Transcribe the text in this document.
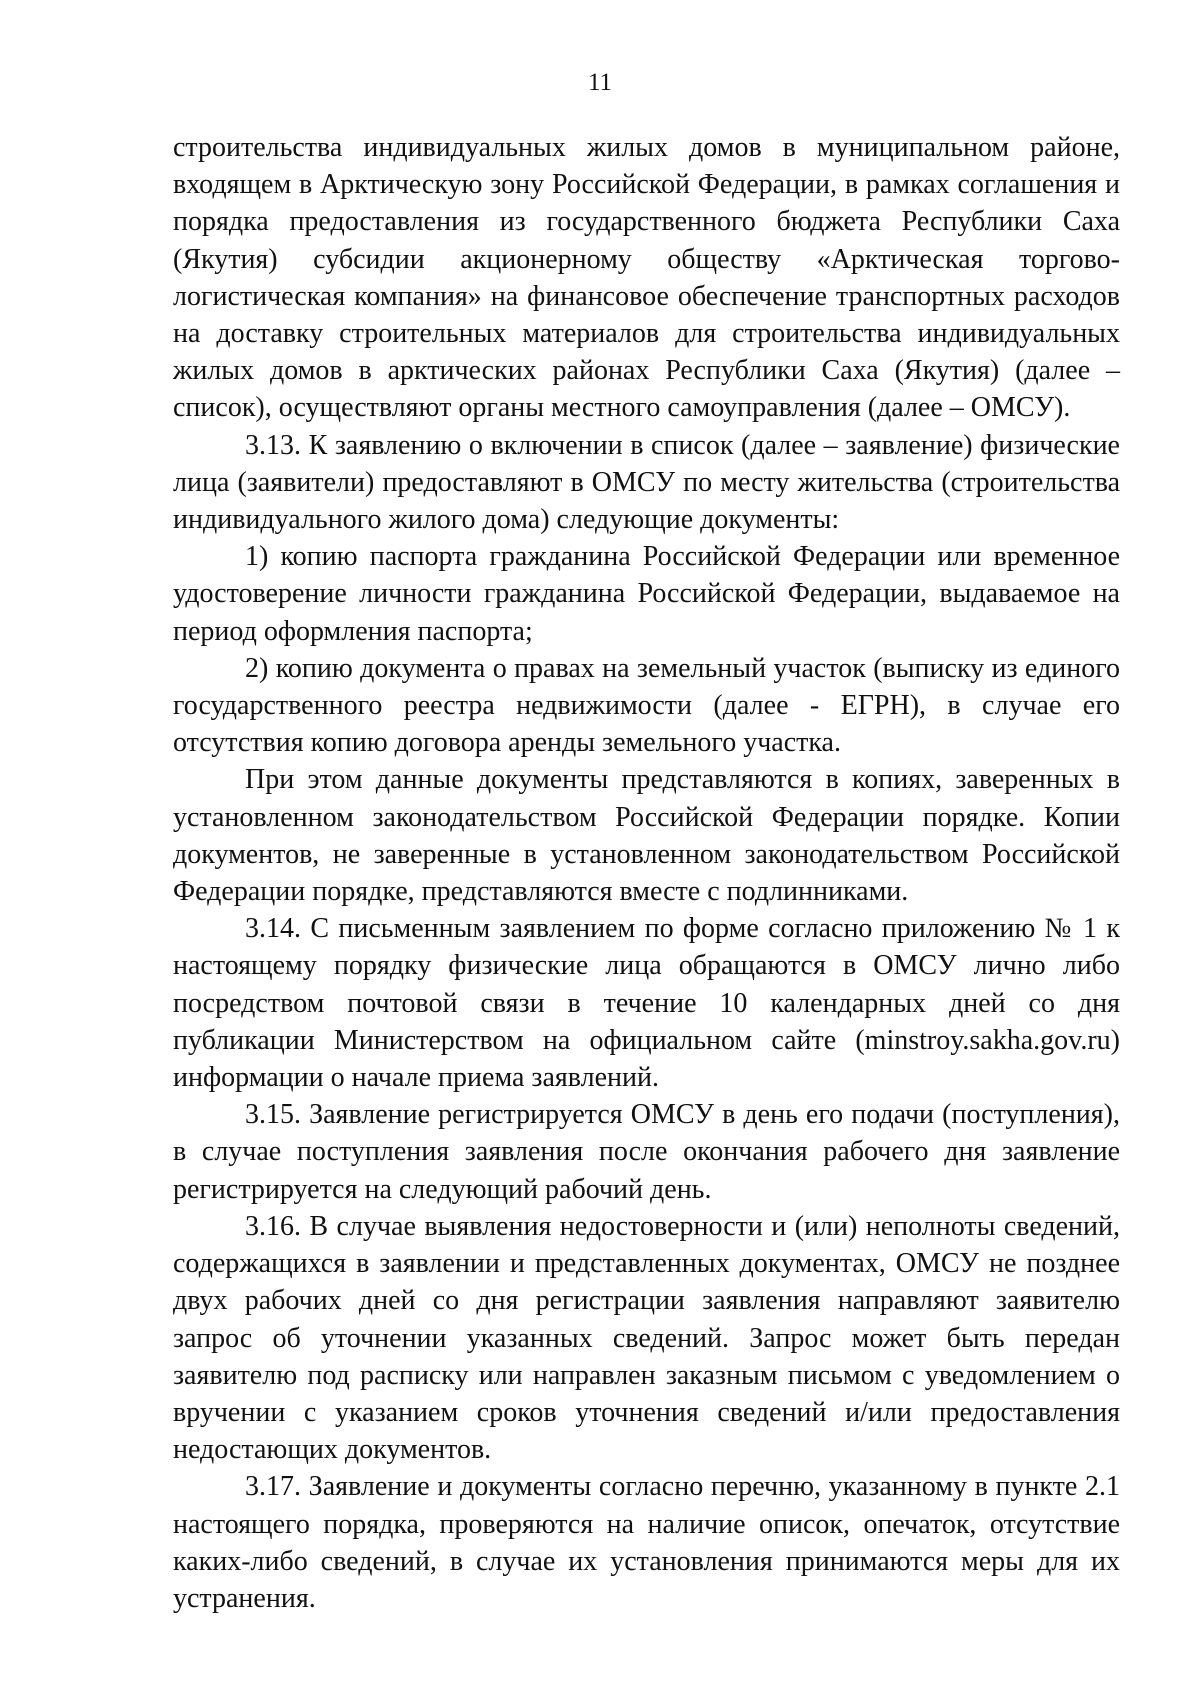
11

строительства индивидуальных жилых домов в муниципальном районе, входящем в Арктическую зону Российской Федерации, в рамках соглашения и порядка предоставления из государственного бюджета Республики Саха (Якутия) субсидии акционерному обществу «Арктическая торгово-логистическая компания» на финансовое обеспечение транспортных расходов на доставку строительных материалов для строительства индивидуальных жилых домов в арктических районах Республики Саха (Якутия) (далее – список), осуществляют органы местного самоуправления (далее – ОМСУ).

3.13. К заявлению о включении в список (далее – заявление) физические лица (заявители) предоставляют в ОМСУ по месту жительства (строительства индивидуального жилого дома) следующие документы:

1) копию паспорта гражданина Российской Федерации или временное удостоверение личности гражданина Российской Федерации, выдаваемое на период оформления паспорта;

2) копию документа о правах на земельный участок (выписку из единого государственного реестра недвижимости (далее - ЕГРН), в случае его отсутствия копию договора аренды земельного участка.

При этом данные документы представляются в копиях, заверенных в установленном законодательством Российской Федерации порядке. Копии документов, не заверенные в установленном законодательством Российской Федерации порядке, представляются вместе с подлинниками.

3.14. С письменным заявлением по форме согласно приложению № 1 к настоящему порядку физические лица обращаются в ОМСУ лично либо посредством почтовой связи в течение 10 календарных дней со дня публикации Министерством на официальном сайте (minstroy.sakha.gov.ru) информации о начале приема заявлений.

3.15. Заявление регистрируется ОМСУ в день его подачи (поступления), в случае поступления заявления после окончания рабочего дня заявление регистрируется на следующий рабочий день.

3.16. В случае выявления недостоверности и (или) неполноты сведений, содержащихся в заявлении и представленных документах, ОМСУ не позднее двух рабочих дней со дня регистрации заявления направляют заявителю запрос об уточнении указанных сведений. Запрос может быть передан заявителю под расписку или направлен заказным письмом с уведомлением о вручении с указанием сроков уточнения сведений и/или предоставления недостающих документов.

3.17. Заявление и документы согласно перечню, указанному в пункте 2.1 настоящего порядка, проверяются на наличие описок, опечаток, отсутствие каких-либо сведений, в случае их установления принимаются меры для их устранения.
